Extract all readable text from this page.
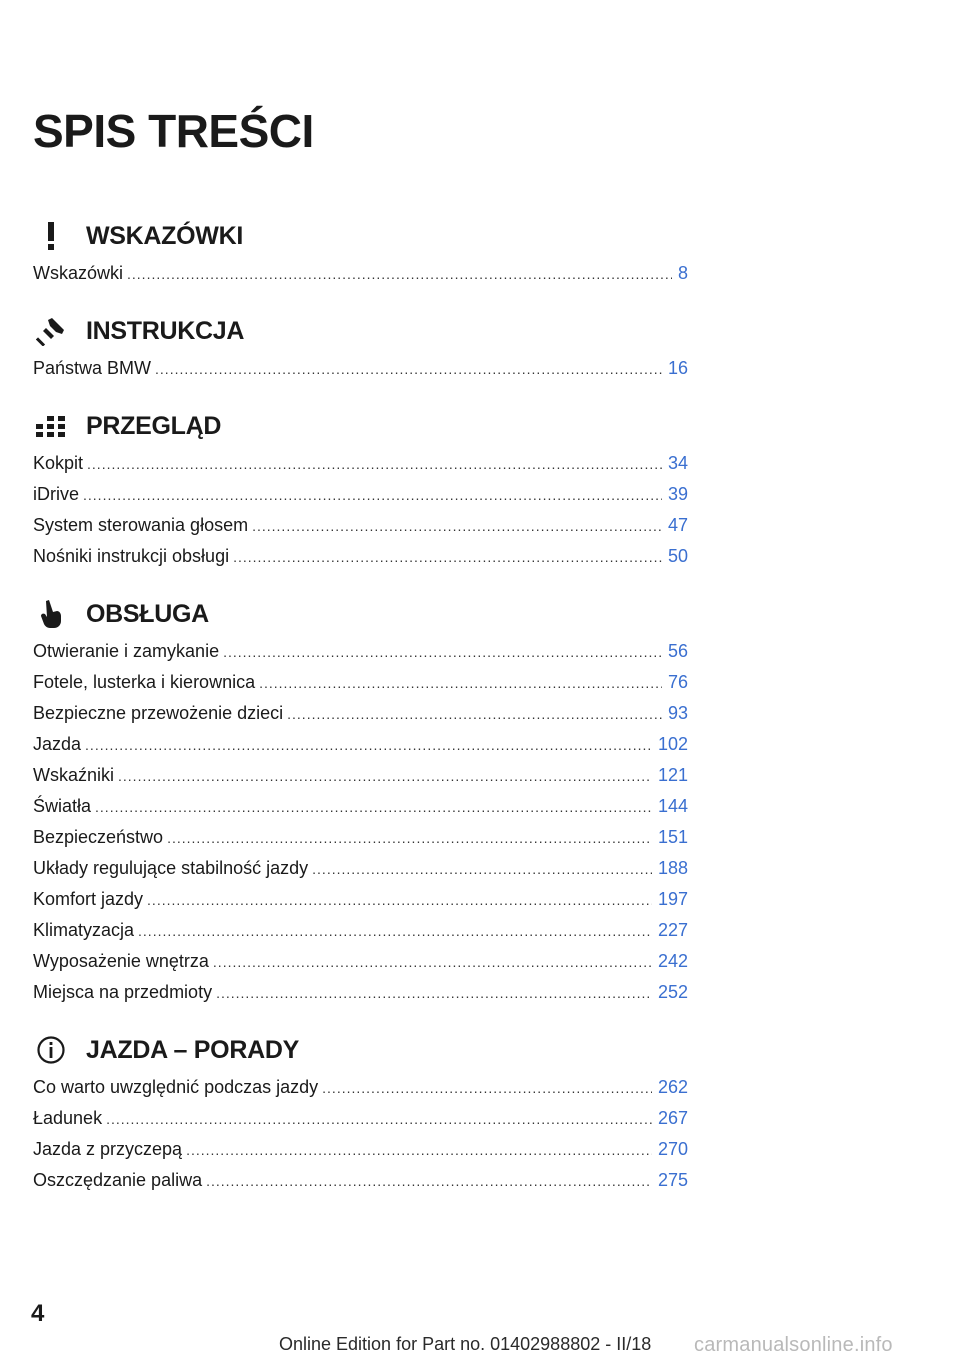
SPIS TREŚCI
WSKAZÓWKI
Wskazówki .....	8
INSTRUKCJA
Państwa BMW .....	16
PRZEGLĄD
Kokpit .....	34
iDrive .....	39
System sterowania głosem .....	47
Nośniki instrukcji obsługi .....	50
OBSŁUGA
Otwieranie i zamykanie .....	56
Fotele, lusterka i kierownica .....	76
Bezpieczne przewożenie dzieci .....	93
Jazda .....	102
Wskaźniki .....	121
Światła .....	144
Bezpieczeństwo .....	151
Układy regulujące stabilność jazdy .....	188
Komfort jazdy .....	197
Klimatyzacja .....	227
Wyposażenie wnętrza .....	242
Miejsca na przedmioty .....	252
JAZDA – PORADY
Co warto uwzględnić podczas jazdy .....	262
Ładunek .....	267
Jazda z przyczepą .....	270
Oszczędzanie paliwa .....	275
4
Online Edition for Part no. 01402988802 - II/18 carmanualsonline.info
